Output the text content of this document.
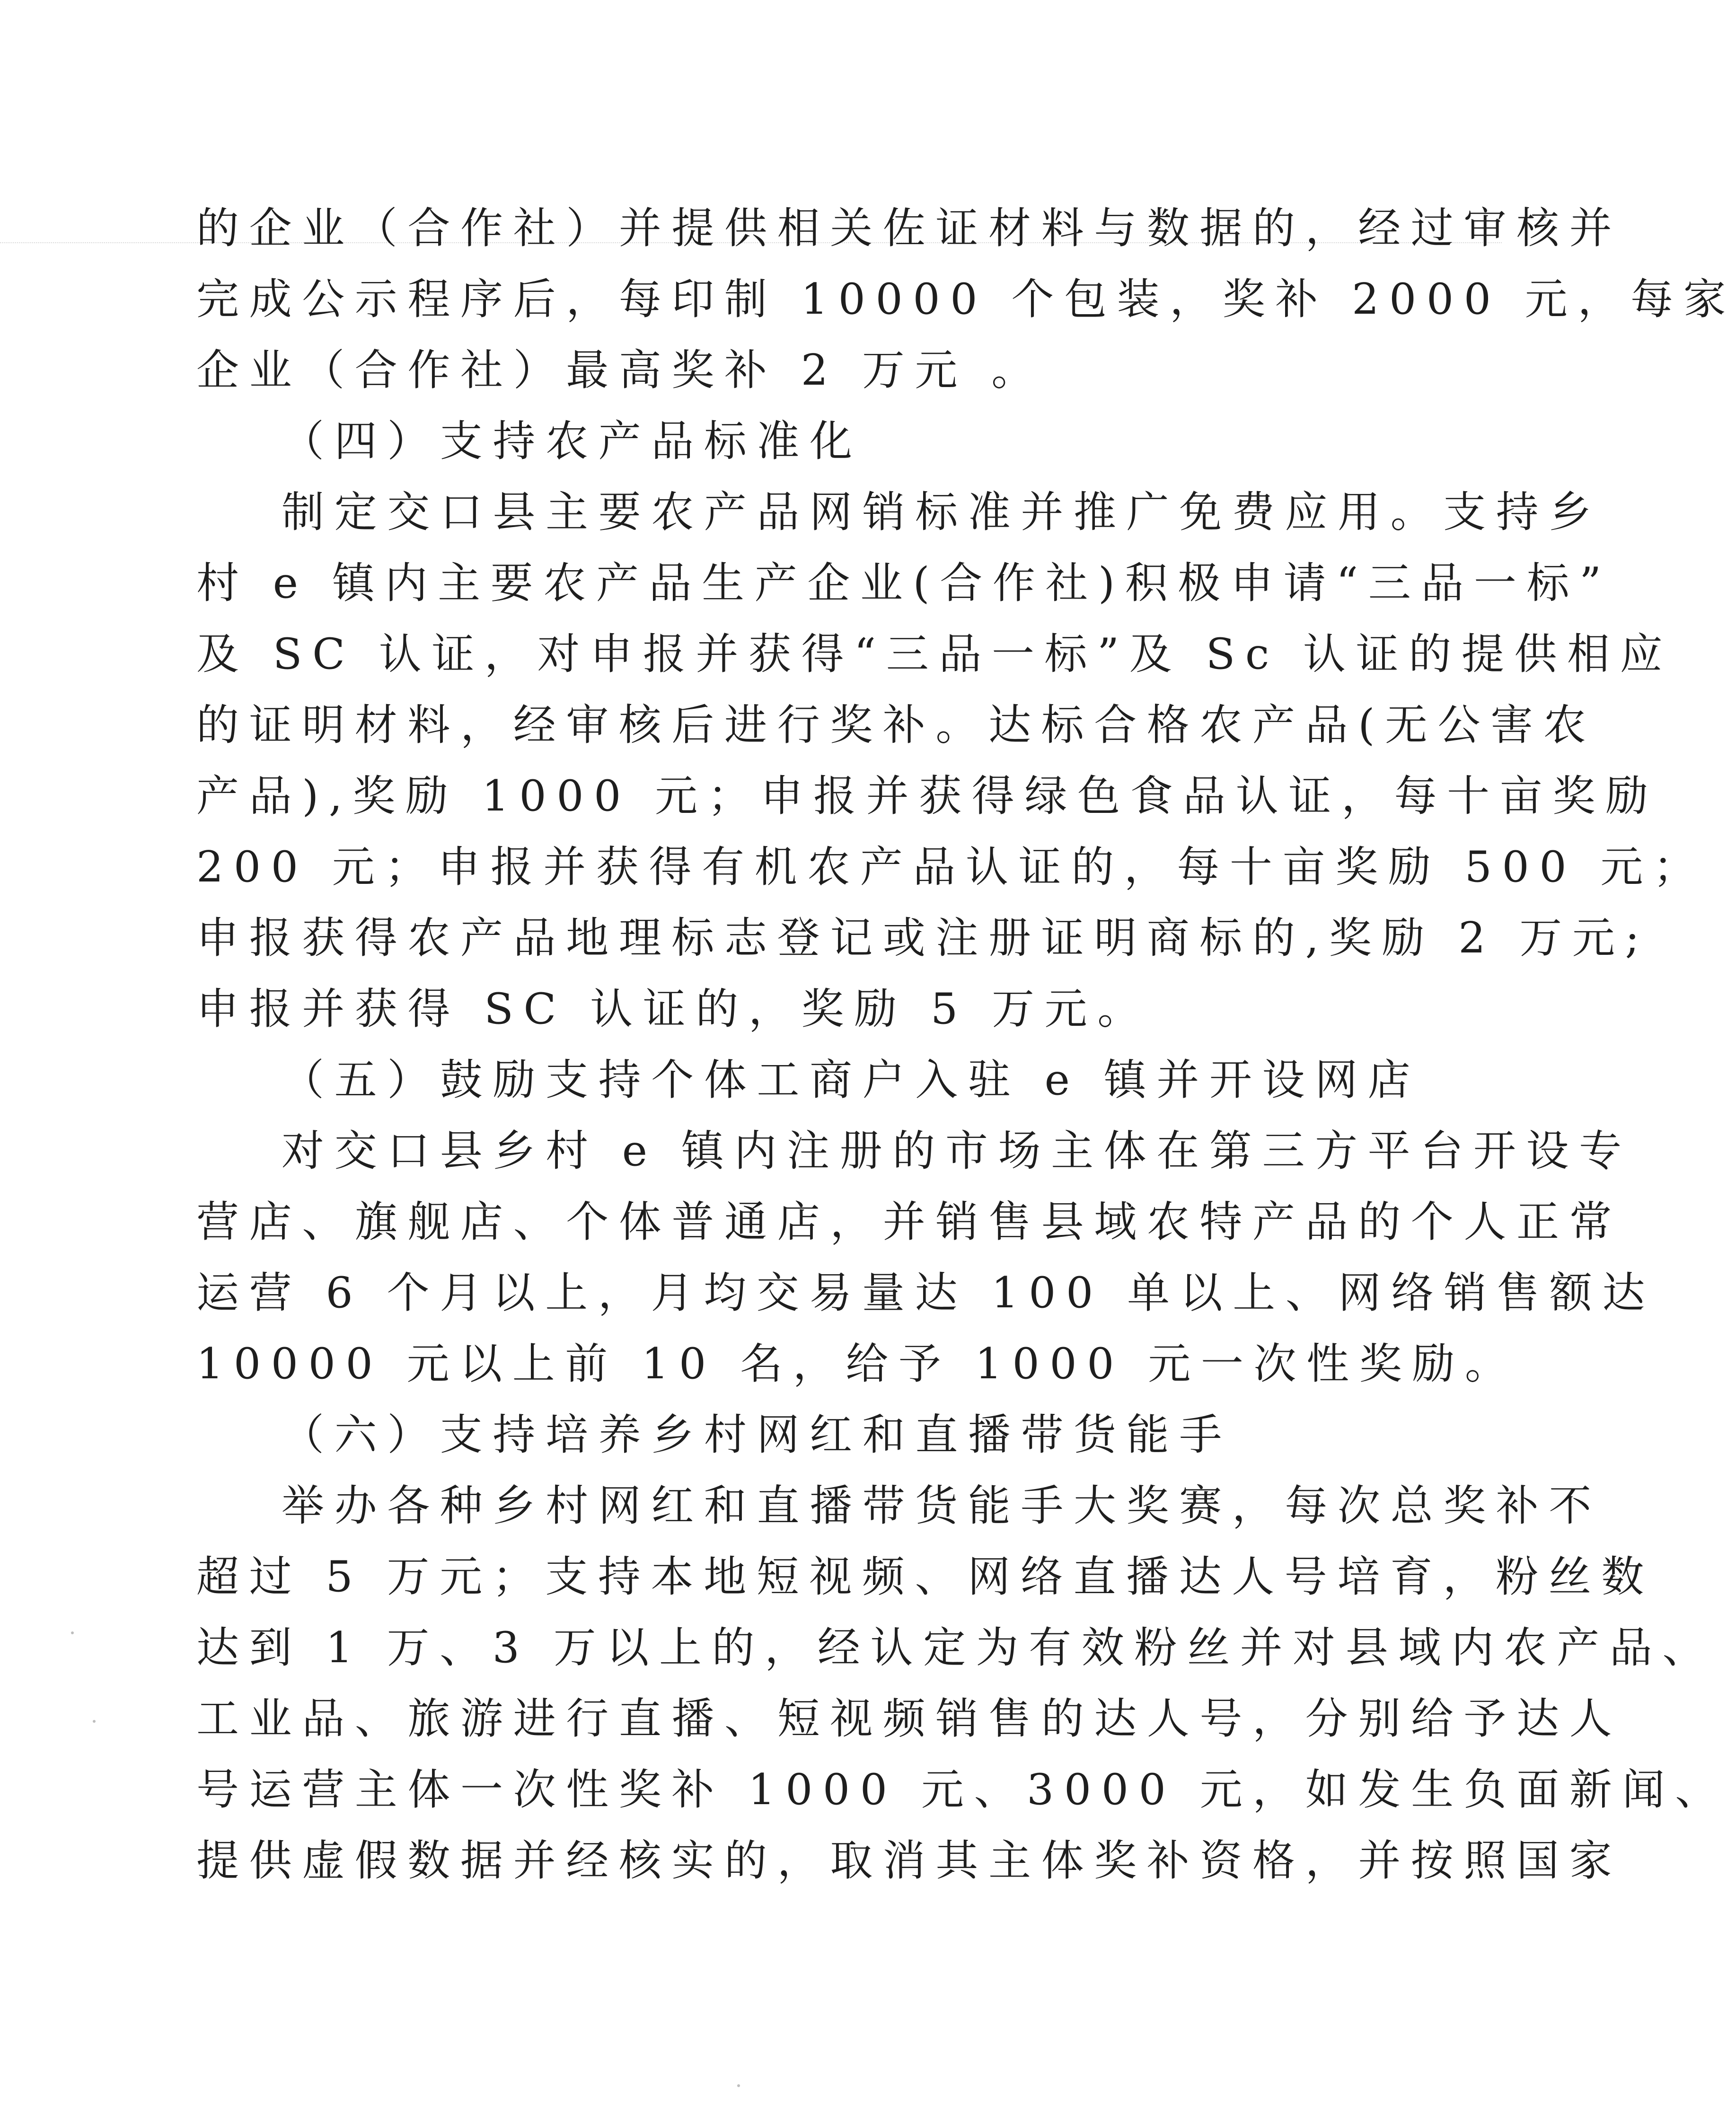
的企业（合作社）并提供相关佐证材料与数据的，经过审核并
完成公示程序后，每印制 10000 个包装，奖补 2000 元，每家
企业（合作社）最高奖补 2 万元 。
（四）支持农产品标准化
制定交口县主要农产品网销标准并推广免费应用。支持乡
村 e 镇内主要农产品生产企业(合作社)积极申请“三品一标”
及 SC 认证，对申报并获得“三品一标”及 Sc 认证的提供相应
的证明材料，经审核后进行奖补。达标合格农产品(无公害农
产品),奖励 1000 元；申报并获得绿色食品认证，每十亩奖励
200 元；申报并获得有机农产品认证的，每十亩奖励 500 元；
申报获得农产品地理标志登记或注册证明商标的,奖励 2 万元;
申报并获得 SC 认证的，奖励 5 万元。
（五）鼓励支持个体工商户入驻 e 镇并开设网店
对交口县乡村 e 镇内注册的市场主体在第三方平台开设专
营店、旗舰店、个体普通店，并销售县域农特产品的个人正常
运营 6 个月以上，月均交易量达 100 单以上、网络销售额达
10000 元以上前 10 名，给予 1000 元一次性奖励。
（六）支持培养乡村网红和直播带货能手
举办各种乡村网红和直播带货能手大奖赛，每次总奖补不
超过 5 万元；支持本地短视频、网络直播达人号培育，粉丝数
达到 1 万、3 万以上的，经认定为有效粉丝并对县域内农产品、
工业品、旅游进行直播、短视频销售的达人号，分别给予达人
号运营主体一次性奖补 1000 元、3000 元，如发生负面新闻、
提供虚假数据并经核实的，取消其主体奖补资格，并按照国家
